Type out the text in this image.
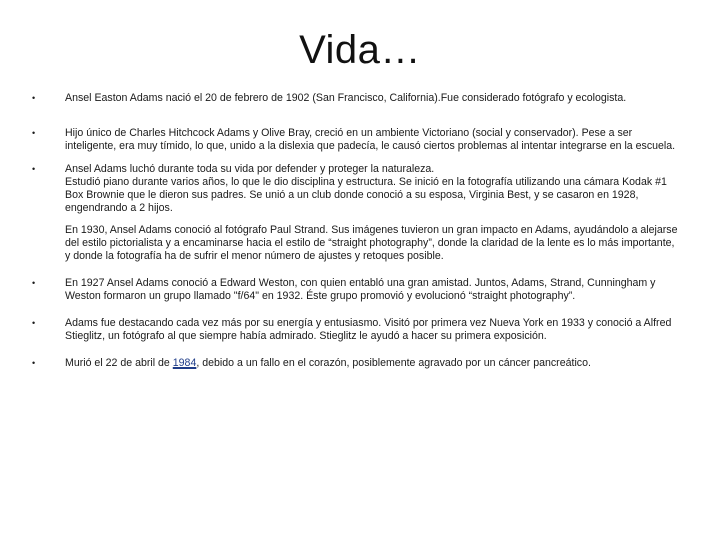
Vida…
•	Ansel Easton Adams nació el 20 de febrero de 1902 (San Francisco, California).Fue considerado fotógrafo y ecologista.
•	Hijo único de Charles Hitchcock Adams y Olive Bray, creció en un ambiente Victoriano (social y conservador). Pese a ser inteligente, era muy tímido, lo que, unido a la dislexia que padecía, le causó ciertos problemas al intentar integrarse en la escuela.
•	Ansel Adams luchó durante toda su vida por defender y proteger la naturaleza.
Estudió piano durante varios años, lo que le dio disciplina y estructura. Se inició en la fotografía utilizando una cámara Kodak #1 Box Brownie que le dieron sus padres. Se unió a un club donde conoció a su esposa, Virginia Best, y se casaron en 1928, engendrando a 2 hijos.
En 1930, Ansel Adams conoció al fotógrafo Paul Strand. Sus imágenes tuvieron un gran impacto en Adams, ayudándolo a alejarse del estilo pictorialista y a encaminarse hacia el estilo de “straight photography”, donde la claridad de la lente es lo más importante, y donde la fotografía ha de sufrir el menor número de ajustes y retoques posible.
•	En 1927 Ansel Adams conoció a Edward Weston, con quien entabló una gran amistad. Juntos, Adams, Strand, Cunningham y Weston formaron un grupo llamado "f/64" en 1932. Éste grupo promovió y evolucionó “straight photography”.
•	Adams fue destacando cada vez más por su energía y entusiasmo. Visitó por primera vez Nueva York en 1933 y conoció a Alfred Stieglitz, un fotógrafo al que siempre había admirado. Stieglitz le ayudó a hacer su primera exposición.
•	Murió el 22 de abril de 1984, debido a un fallo en el corazón, posiblemente agravado por un cáncer pancreático.
